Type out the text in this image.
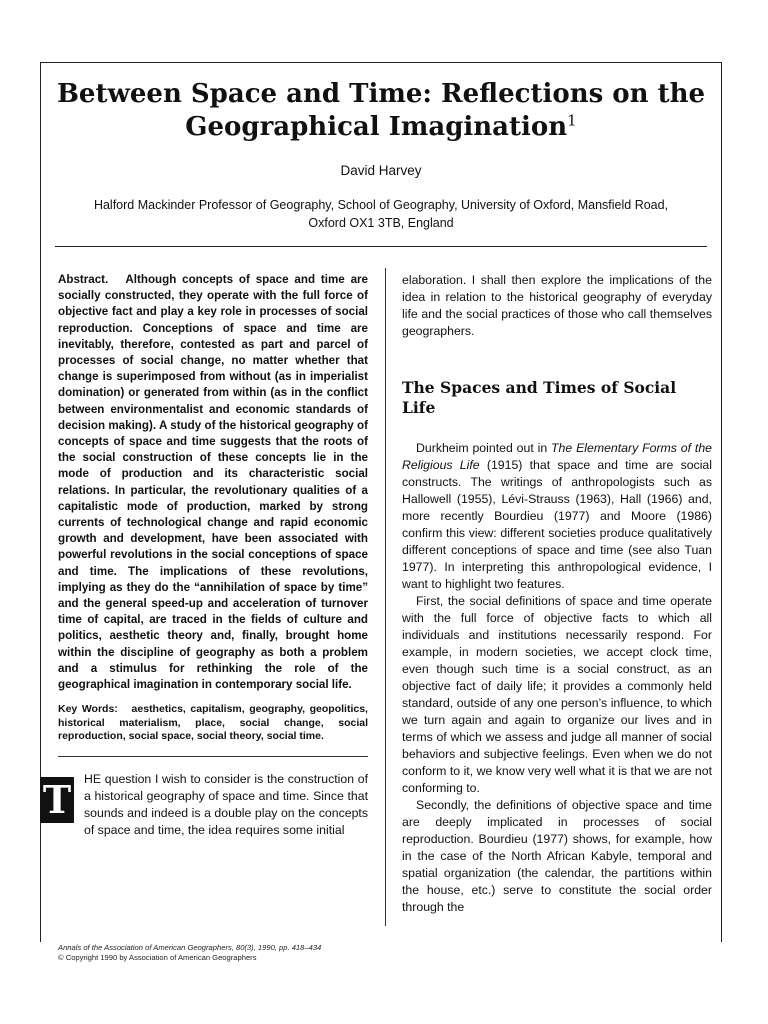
Between Space and Time: Reflections on the Geographical Imagination$^1$
David Harvey
Halford Mackinder Professor of Geography, School of Geography, University of Oxford, Mansfield Road, Oxford OX1 3TB, England

Abstract. Although concepts of space and time are socially constructed, they operate with the full force of objective fact and play a key role in processes of social reproduction. Conceptions of space and time are inevitably, therefore, contested as part and parcel of processes of social change, no matter whether that change is superimposed from without (as in imperialist domination) or generated from within (as in the conflict between environmentalist and economic standards of decision making). A study of the historical geography of concepts of space and time suggests that the roots of the social construction of these concepts lie in the mode of production and its characteristic social relations. In particular, the revolutionary qualities of a capitalistic mode of production, marked by strong currents of technological change and rapid economic growth and development, have been associated with powerful revolutions in the social conceptions of space and time. The implications of these revolutions, implying as they do the “annihilation of space by time” and the general speed-up and acceleration of turnover time of capital, are traced in the fields of culture and politics, aesthetic theory and, finally, brought home within the discipline of geography as both a problem and a stimulus for rethinking the role of the geographical imagination in contemporary social life.

Key Words: aesthetics, capitalism, geography, geopolitics, historical materialism, place, social change, social reproduction, social space, social theory, social time.

T HE question I wish to consider is the construction of a historical geography of space and time. Since that sounds and indeed is a double play on the concepts of space and time, the idea requires some initial

elaboration. I shall then explore the implications of the idea in relation to the historical geography of everyday life and the social practices of those who call themselves geographers.

The Spaces and Times of Social Life

Durkheim pointed out in The Elementary Forms of the Religious Life (1915) that space and time are social constructs. The writings of anthropologists such as Hallowell (1955), Lévi-Strauss (1963), Hall (1966) and, more recently Bourdieu (1977) and Moore (1986) confirm this view: different societies produce qualitatively different conceptions of space and time (see also Tuan 1977). In interpreting this anthropological evidence, I want to highlight two features.

First, the social definitions of space and time operate with the full force of objective facts to which all individuals and institutions necessarily respond. For example, in modern societies, we accept clock time, even though such time is a social construct, as an objective fact of daily life; it provides a commonly held standard, outside of any one person’s influence, to which we turn again and again to organize our lives and in terms of which we assess and judge all manner of social behaviors and subjective feelings. Even when we do not conform to it, we know very well what it is that we are not conforming to.

Secondly, the definitions of objective space and time are deeply implicated in processes of social reproduction. Bourdieu (1977) shows, for example, how in the case of the North African Kabyle, temporal and spatial organization (the calendar, the partitions within the house, etc.) serve to constitute the social order through the

Annals of the Association of American Geographers, 80(3), 1990, pp. 418–434
© Copyright 1990 by Association of American Geographers
